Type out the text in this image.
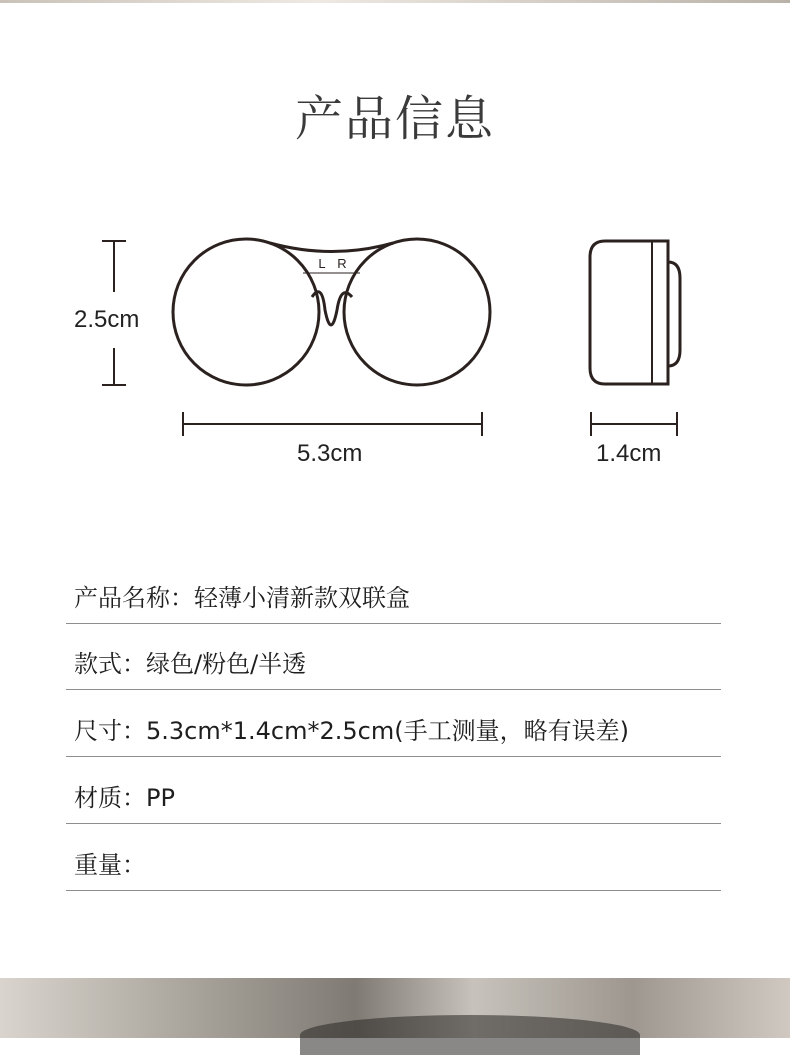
产品信息
L R
2.5cm
5.3cm	1.4cm
产品名称：轻薄小清新款双联盒
款式：绿色/粉色/半透
尺寸：5.3cm*1.4cm*2.5cm(手工测量，略有误差)
材质：PP
重量：
